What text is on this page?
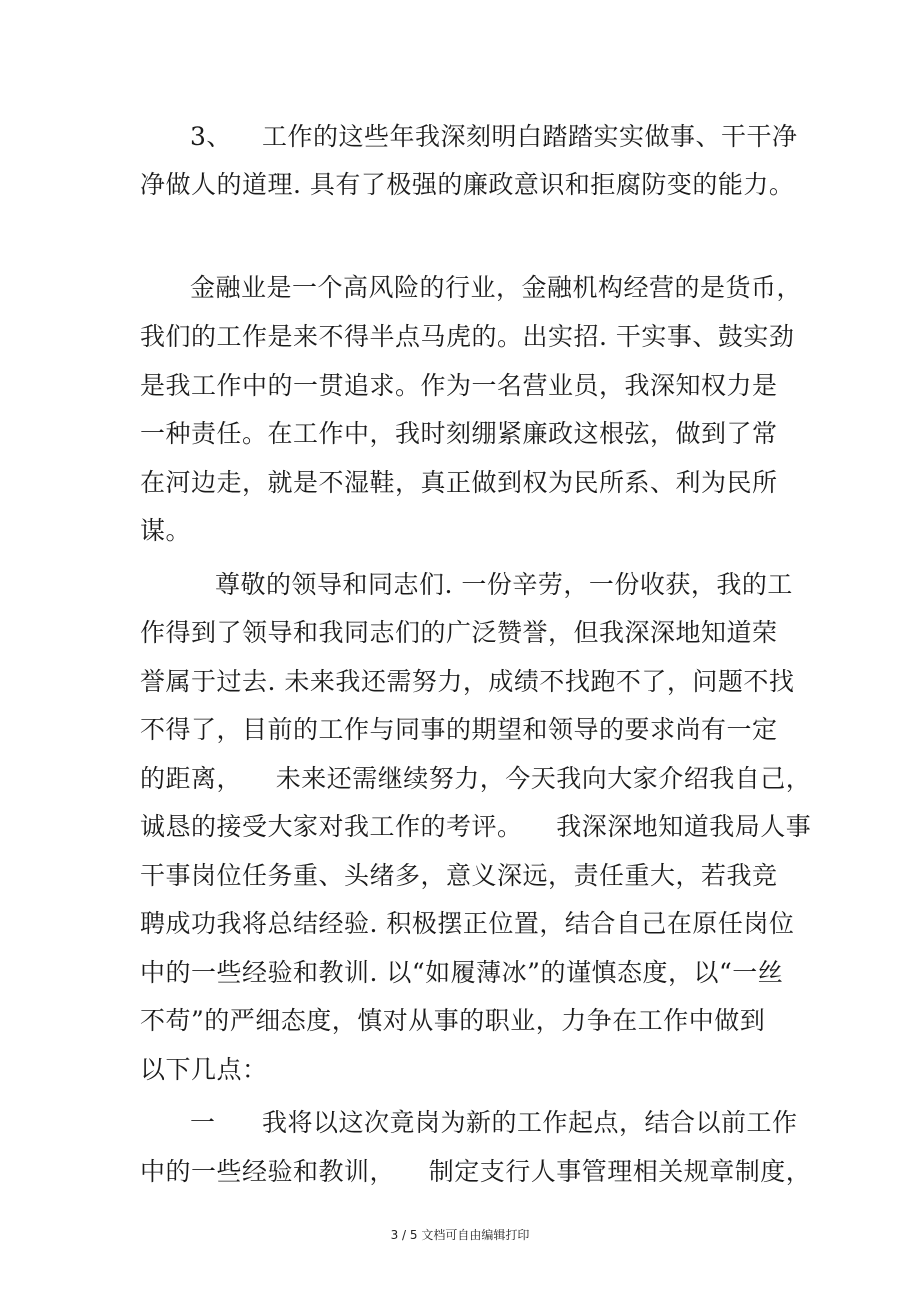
3、 工作的这些年我深刻明白踏踏实实做事、干干净
净做人的道理. 具有了极强的廉政意识和拒腐防变的能力。
金融业是一个高风险的行业，金融机构经营的是货币，
我们的工作是来不得半点马虎的。出实招. 干实事、鼓实劲
是我工作中的一贯追求。作为一名营业员，我深知权力是
一种责任。在工作中，我时刻绷紧廉政这根弦，做到了常
在河边走，就是不湿鞋，真正做到权为民所系、利为民所
谋。
尊敬的领导和同志们. 一份辛劳，一份收获，我的工
作得到了领导和我同志们的广泛赞誉，但我深深地知道荣
誉属于过去. 未来我还需努力，成绩不找跑不了，问题不找
不得了，目前的工作与同事的期望和领导的要求尚有一定
的距离，    未来还需继续努力，今天我向大家介绍我自己，
诚恳的接受大家对我工作的考评。    我深深地知道我局人事
干事岗位任务重、头绪多，意义深远，责任重大，若我竞
聘成功我将总结经验. 积极摆正位置，结合自己在原任岗位
中的一些经验和教训. 以“如履薄冰”的谨慎态度，以“一丝
不苟”的严细态度，慎对从事的职业，力争在工作中做到
以下几点：
一 我将以这次竟岗为新的工作起点，结合以前工作
中的一些经验和教训，    制定支行人事管理相关规章制度，
3 / 5 文档可自由编辑打印
